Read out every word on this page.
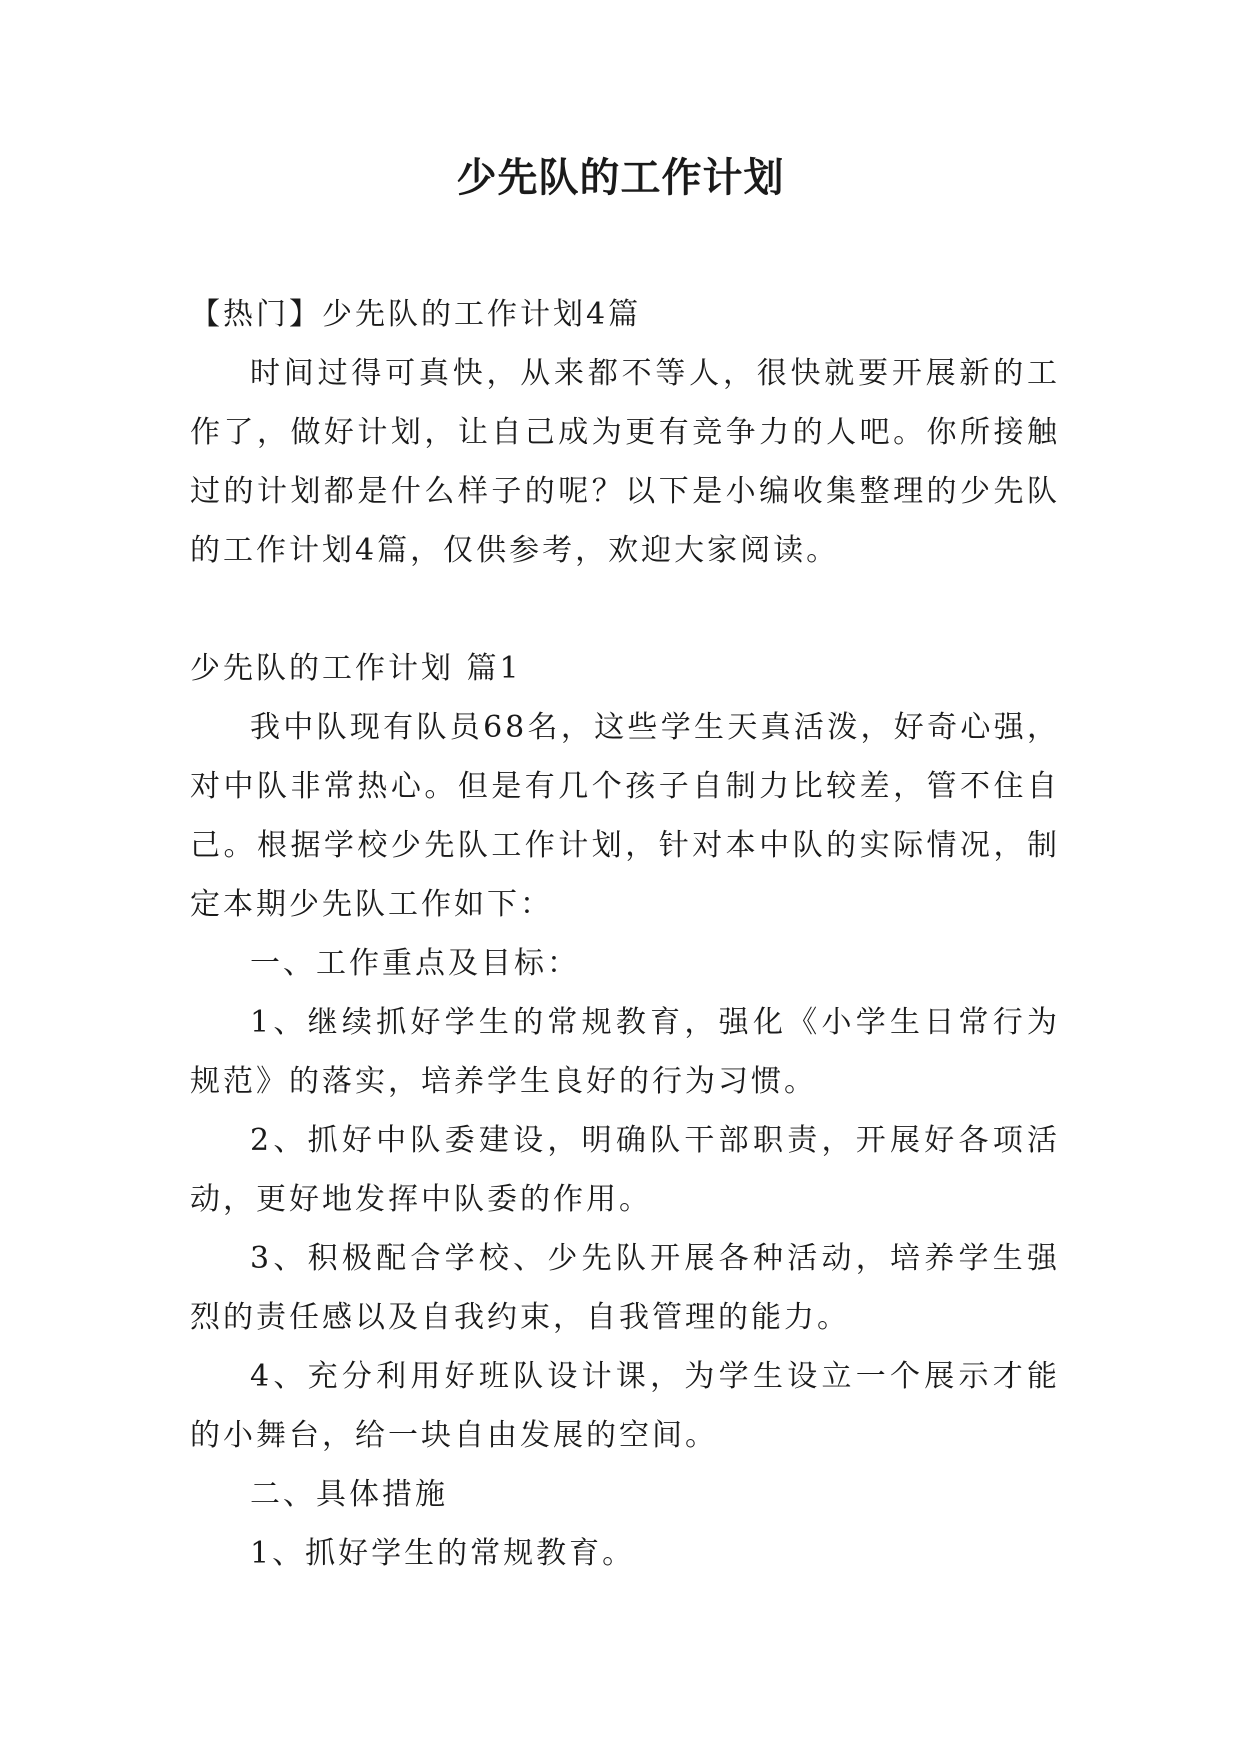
少先队的工作计划

【热门】少先队的工作计划4篇

时间过得可真快，从来都不等人，很快就要开展新的工作了，做好计划，让自己成为更有竞争力的人吧。你所接触过的计划都是什么样子的呢？以下是小编收集整理的少先队的工作计划4篇，仅供参考，欢迎大家阅读。

少先队的工作计划 篇1

我中队现有队员68名，这些学生天真活泼，好奇心强，对中队非常热心。但是有几个孩子自制力比较差，管不住自己。根据学校少先队工作计划，针对本中队的实际情况，制定本期少先队工作如下：

一、工作重点及目标：

1、继续抓好学生的常规教育，强化《小学生日常行为规范》的落实，培养学生良好的行为习惯。

2、抓好中队委建设，明确队干部职责，开展好各项活动，更好地发挥中队委的作用。

3、积极配合学校、少先队开展各种活动，培养学生强烈的责任感以及自我约束，自我管理的能力。

4、充分利用好班队设计课，为学生设立一个展示才能的小舞台，给一块自由发展的空间。

二、具体措施

1、抓好学生的常规教育。
